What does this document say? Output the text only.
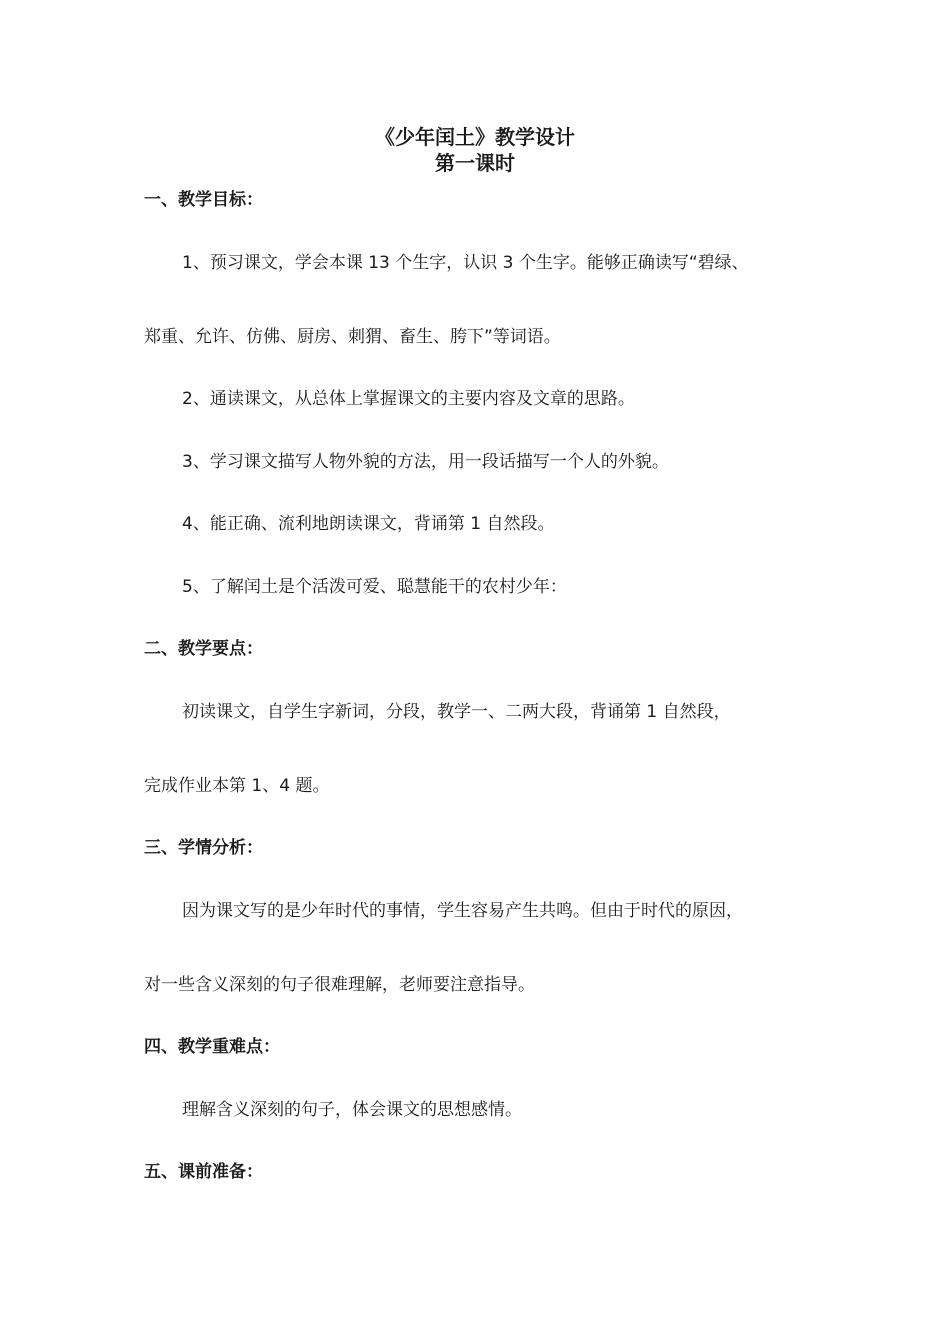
《少年闰土》教学设计
第一课时
一、教学目标：

1、预习课文，学会本课 13 个生字，认识 3 个生字。能够正确读写“碧绿、

郑重、允许、仿佛、厨房、刺猬、畜生、胯下”等词语。

2、通读课文，从总体上掌握课文的主要内容及文章的思路。

3、学习课文描写人物外貌的方法，用一段话描写一个人的外貌。

4、能正确、流利地朗读课文，背诵第 1 自然段。

5、了解闰土是个活泼可爱、聪慧能干的农村少年：

二、教学要点：

初读课文，自学生字新词，分段，教学一、二两大段，背诵第 1 自然段，

完成作业本第 1、4 题。

三、学情分析：

因为课文写的是少年时代的事情，学生容易产生共鸣。但由于时代的原因，

对一些含义深刻的句子很难理解，老师要注意指导。

四、教学重难点：

理解含义深刻的句子，体会课文的思想感情。

五、课前准备：
